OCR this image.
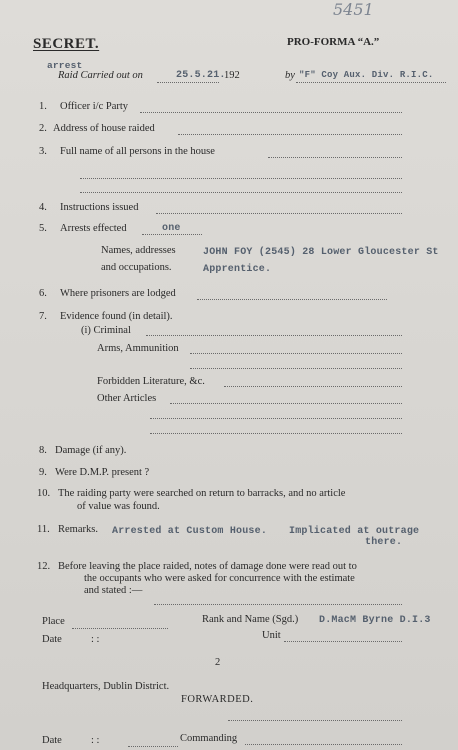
5451
SECRET.	PRO-FORMA “A.”
arrest
Raid Carried out on	25.5.21.
192	by "F" Coy Aux. Div. R.I.C.
1. Officer i/c Party
2. Address of house raided
3. Full name of all persons in the house
4. Instructions issued
5. Arrests effected	one
Names, addresses
and occupations.
JOHN FOY (2545) 28 Lower Gloucester St
Apprentice.
6. Where prisoners are lodged
7. Evidence found (in detail).
(i) Criminal
Arms, Ammunition
Forbidden Literature, &c.
Other Articles
8. Damage (if any).
9. Were D.M.P. present ?
10. The raiding party were searched on return to barracks, and no article
of value was found.
11. Remarks. Arrested at Custom House. Implicated at outrage
there.
12. Before leaving the place raided, notes of damage done were read out to
the occupants who were asked for concurrence with the estimate
and stated :—
Place	Rank and Name (Sgd.) D.MacM Byrne D.I.3
Date	: :	Unit
2
Headquarters, Dublin District.
FORWARDED.
Date	: :	Commanding
